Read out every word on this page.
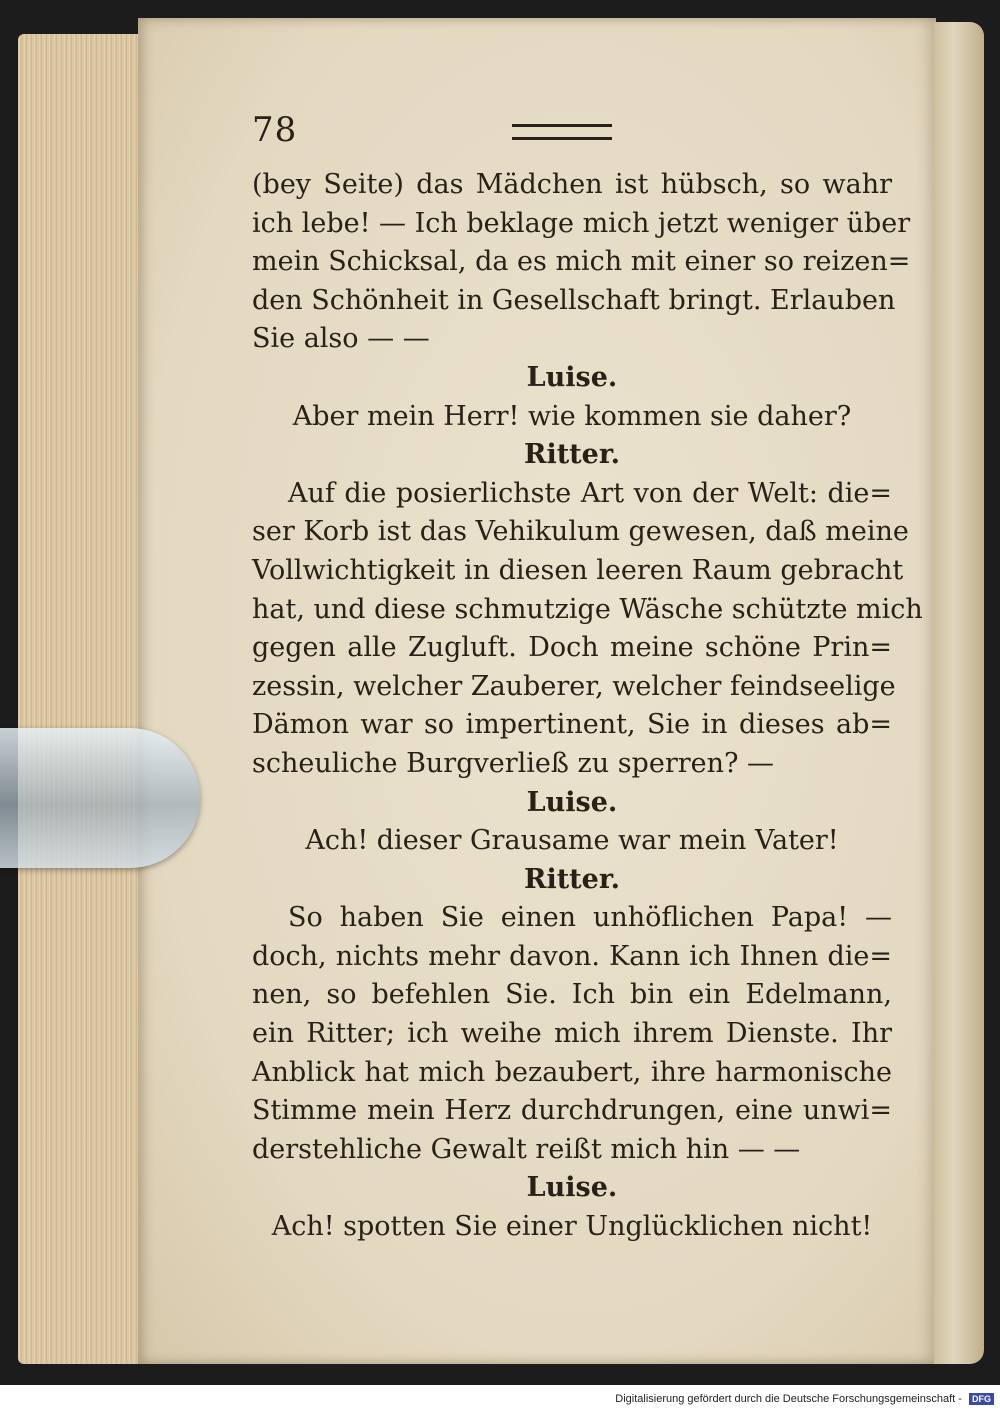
78
(bey Seite) das Mädchen ist hübsch, so wahr
ich lebe! — Ich beklage mich jetzt weniger über
mein Schicksal, da es mich mit einer so reizen=
den Schönheit in Gesellschaft bringt. Erlauben
Sie also — —
Luise.
Aber mein Herr! wie kommen sie daher?
Ritter.
Auf die posierlichste Art von der Welt: die=
ser Korb ist das Vehikulum gewesen, daß meine
Vollwichtigkeit in diesen leeren Raum gebracht
hat, und diese schmutzige Wäsche schützte mich
gegen alle Zugluft. Doch meine schöne Prin=
zessin, welcher Zauberer, welcher feindseelige
Dämon war so impertinent, Sie in dieses ab=
scheuliche Burgverließ zu sperren? —
Luise.
Ach! dieser Grausame war mein Vater!
Ritter.
So haben Sie einen unhöflichen Papa! —
doch, nichts mehr davon. Kann ich Ihnen die=
nen, so befehlen Sie. Ich bin ein Edelmann,
ein Ritter; ich weihe mich ihrem Dienste. Ihr
Anblick hat mich bezaubert, ihre harmonische
Stimme mein Herz durchdrungen, eine unwi=
derstehliche Gewalt reißt mich hin — —
Luise.
Ach! spotten Sie einer Unglücklichen nicht!
Digitalisierung gefördert durch die Deutsche Forschungsgemeinschaft - DFG
